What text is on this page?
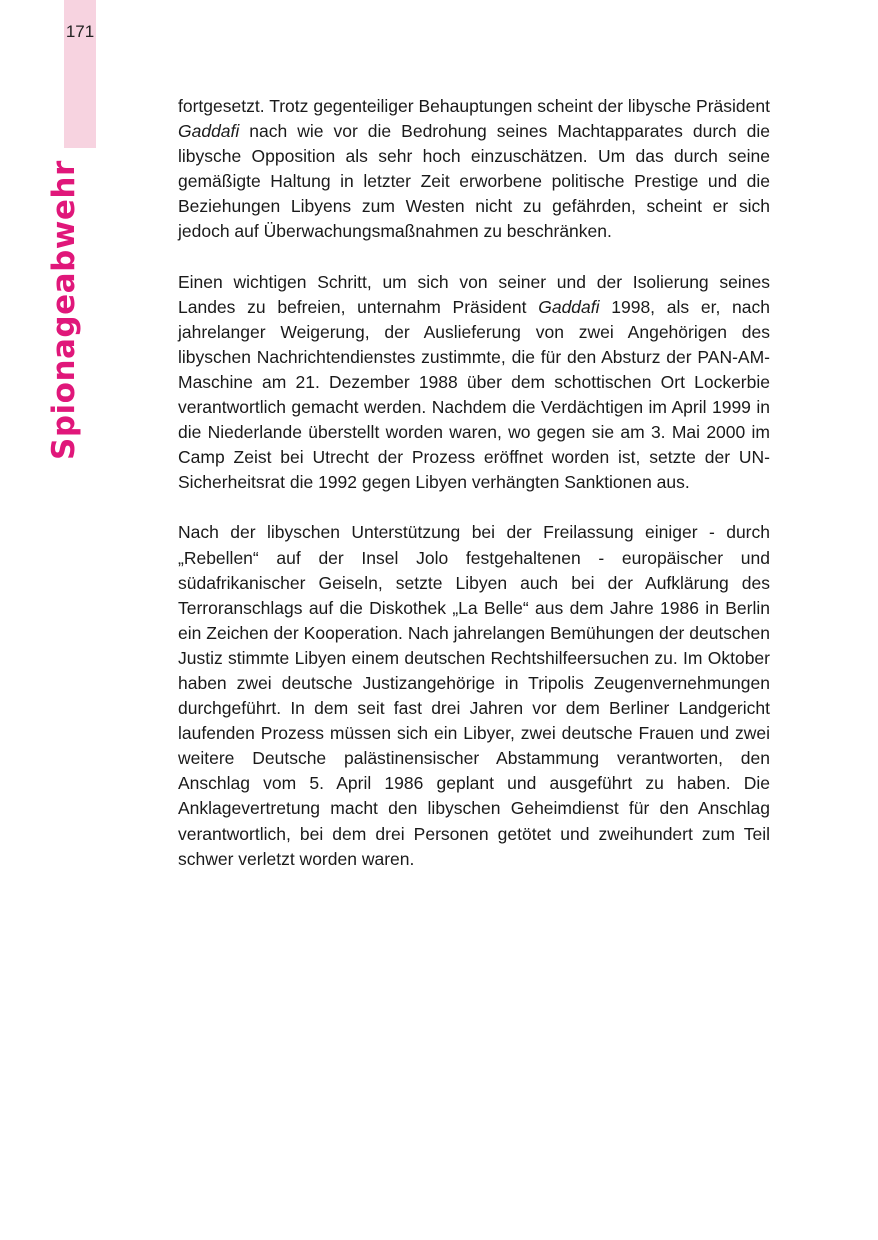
171
Spionageabwehr

fortgesetzt. Trotz gegenteiliger Behauptungen scheint der libysche Präsident Gaddafi nach wie vor die Bedrohung seines Machtapparates durch die libysche Opposition als sehr hoch einzuschätzen. Um das durch seine gemäßigte Haltung in letzter Zeit erworbene politische Prestige und die Beziehungen Libyens zum Westen nicht zu gefährden, scheint er sich jedoch auf Überwachungsmaßnahmen zu beschränken.

Einen wichtigen Schritt, um sich von seiner und der Isolierung seines Landes zu befreien, unternahm Präsident Gaddafi 1998, als er, nach jahrelanger Weigerung, der Auslieferung von zwei Angehörigen des libyschen Nachrichtendienstes zustimmte, die für den Absturz der PAN-AM-Maschine am 21. Dezember 1988 über dem schottischen Ort Lockerbie verantwortlich gemacht werden. Nachdem die Verdächtigen im April 1999 in die Niederlande überstellt worden waren, wo gegen sie am 3. Mai 2000 im Camp Zeist bei Utrecht der Prozess eröffnet worden ist, setzte der UN-Sicherheitsrat die 1992 gegen Libyen verhängten Sanktionen aus.

Nach der libyschen Unterstützung bei der Freilassung einiger - durch „Rebellen“ auf der Insel Jolo festgehaltenen - europäischer und südafrikanischer Geiseln, setzte Libyen auch bei der Aufklärung des Terroranschlags auf die Diskothek „La Belle“ aus dem Jahre 1986 in Berlin ein Zeichen der Kooperation. Nach jahrelangen Bemühungen der deutschen Justiz stimmte Libyen einem deutschen Rechtshilfeersuchen zu. Im Oktober haben zwei deutsche Justizangehörige in Tripolis Zeugenvernehmungen durchgeführt. In dem seit fast drei Jahren vor dem Berliner Landgericht laufenden Prozess müssen sich ein Libyer, zwei deutsche Frauen und zwei weitere Deutsche palästinensischer Abstammung verantworten, den Anschlag vom 5. April 1986 geplant und ausgeführt zu haben. Die Anklagevertretung macht den libyschen Geheimdienst für den Anschlag verantwortlich, bei dem drei Personen getötet und zweihundert zum Teil schwer verletzt worden waren.
